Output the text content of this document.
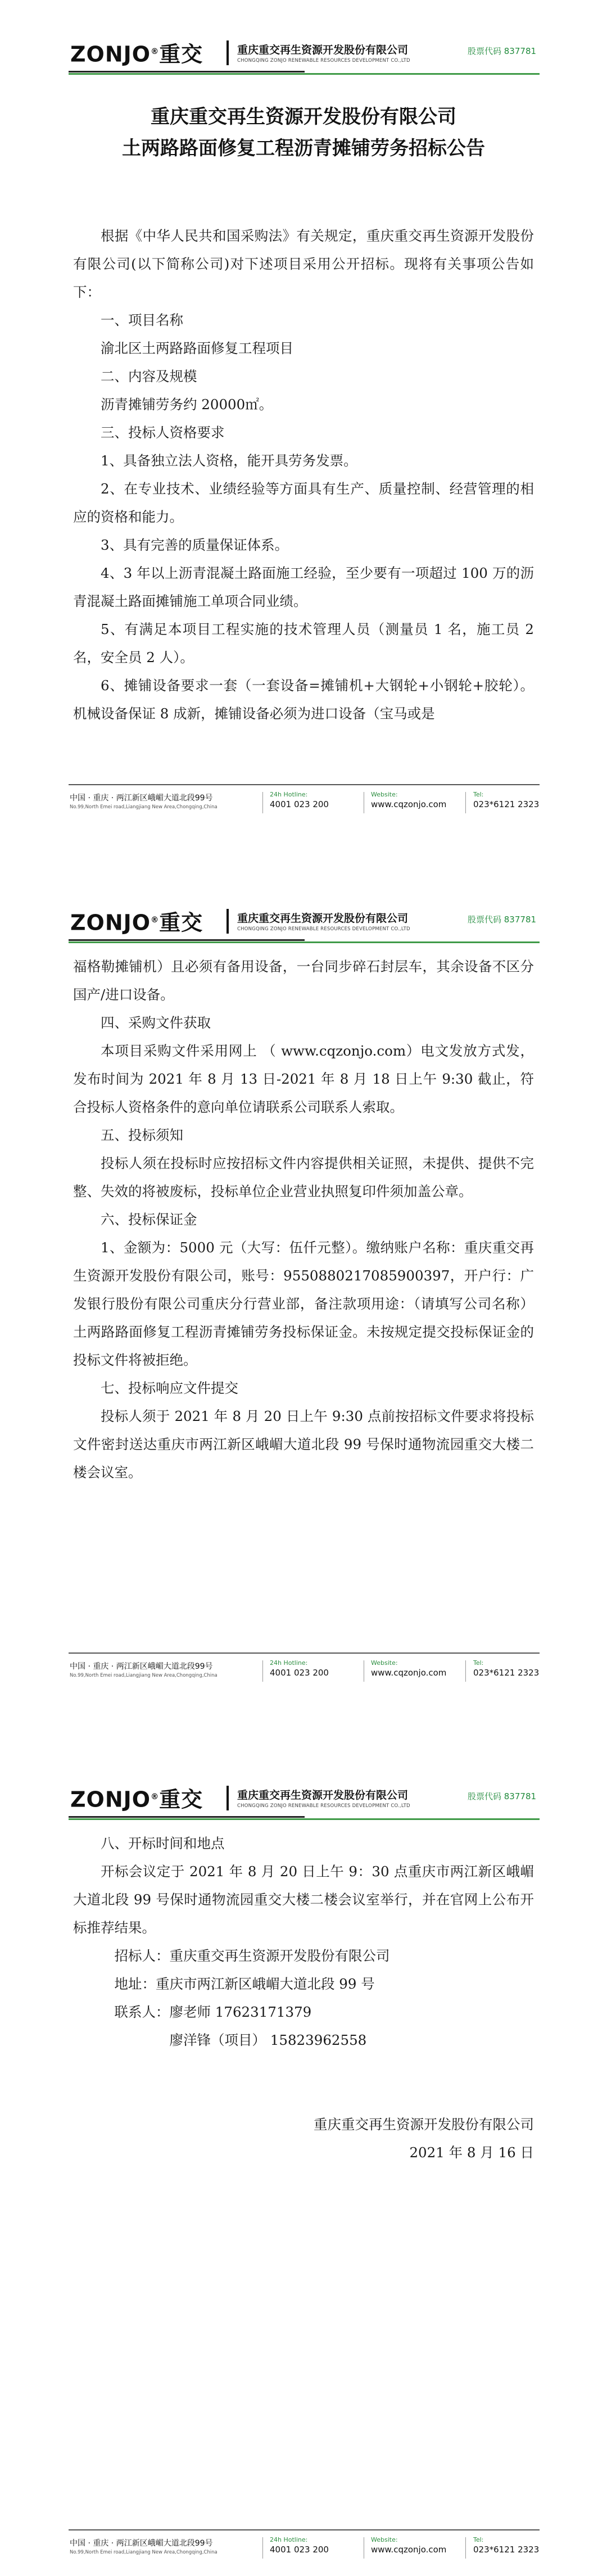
ZONJO®重交	重庆重交再生资源开发股份有限公司
CHONGQING ZONJO RENEWABLE RESOURCES DEVELOPMENT CO.,LTD
股票代码 837781
重庆重交再生资源开发股份有限公司
土两路路面修复工程沥青摊铺劳务招标公告

根据《中华人民共和国采购法》有关规定，重庆重交再生资源开发股份有限公司(以下简称公司)对下述项目采用公开招标。现将有关事项公告如下：

一、项目名称

渝北区土两路路面修复工程项目

二、内容及规模

沥青摊铺劳务约 20000㎡。

三、投标人资格要求

1、具备独立法人资格，能开具劳务发票。

2、在专业技术、业绩经验等方面具有生产、质量控制、经营管理的相应的资格和能力。

3、具有完善的质量保证体系。

4、3 年以上沥青混凝土路面施工经验，至少要有一项超过 100 万的沥青混凝土路面摊铺施工单项合同业绩。

5、有满足本项目工程实施的技术管理人员（测量员 1 名，施工员 2 名，安全员 2 人）。

6、摊铺设备要求一套（一套设备=摊铺机+大钢轮+小钢轮+胶轮）。机械设备保证 8 成新，摊铺设备必须为进口设备（宝马或是

中国 · 重庆 · 两江新区峨嵋大道北段99号
No.99,North Emei road,Liangjiang New Area,Chongqing,China
24h Hotline:
4001 023 200
Website:
www.cqzonjo.com
Tel:
023*6121 2323
ZONJO®重交	重庆重交再生资源开发股份有限公司
CHONGQING ZONJO RENEWABLE RESOURCES DEVELOPMENT CO.,LTD
股票代码 837781

福格勒摊铺机）且必须有备用设备，一台同步碎石封层车，其余设备不区分国产/进口设备。

四、采购文件获取

本项目采购文件采用网上 （ www.cqzonjo.com）电文发放方式发，发布时间为 2021 年 8 月 13 日-2021 年 8 月 18 日上午 9:30 截止，符合投标人资格条件的意向单位请联系公司联系人索取。

五、投标须知

投标人须在投标时应按招标文件内容提供相关证照，未提供、提供不完整、失效的将被废标，投标单位企业营业执照复印件须加盖公章。

六、投标保证金

1、金额为：5000 元（大写：伍仟元整）。缴纳账户名称：重庆重交再生资源开发股份有限公司，账号：9550880217085900397，开户行：广发银行股份有限公司重庆分行营业部，备注款项用途：（请填写公司名称）土两路路面修复工程沥青摊铺劳务投标保证金。未按规定提交投标保证金的投标文件将被拒绝。

七、投标响应文件提交

投标人须于 2021 年 8 月 20 日上午 9:30 点前按招标文件要求将投标文件密封送达重庆市两江新区峨嵋大道北段 99 号保时通物流园重交大楼二楼会议室。

中国 · 重庆 · 两江新区峨嵋大道北段99号
No.99,North Emei road,Liangjiang New Area,Chongqing,China
24h Hotline:
4001 023 200
Website:
www.cqzonjo.com
Tel:
023*6121 2323
ZONJO®重交	重庆重交再生资源开发股份有限公司
CHONGQING ZONJO RENEWABLE RESOURCES DEVELOPMENT CO.,LTD
股票代码 837781

八、开标时间和地点

开标会议定于 2021 年 8 月 20 日上午 9：30 点重庆市两江新区峨嵋大道北段 99 号保时通物流园重交大楼二楼会议室举行，并在官网上公布开标推荐结果。

招标人：重庆重交再生资源开发股份有限公司

地址：重庆市两江新区峨嵋大道北段 99 号

联系人：廖老师 17623171379

廖洋锋（项目） 15823962558

重庆重交再生资源开发股份有限公司

2021 年 8 月 16 日

中国 · 重庆 · 两江新区峨嵋大道北段99号
No.99,North Emei road,Liangjiang New Area,Chongqing,China
24h Hotline:
4001 023 200
Website:
www.cqzonjo.com
Tel:
023*6121 2323
